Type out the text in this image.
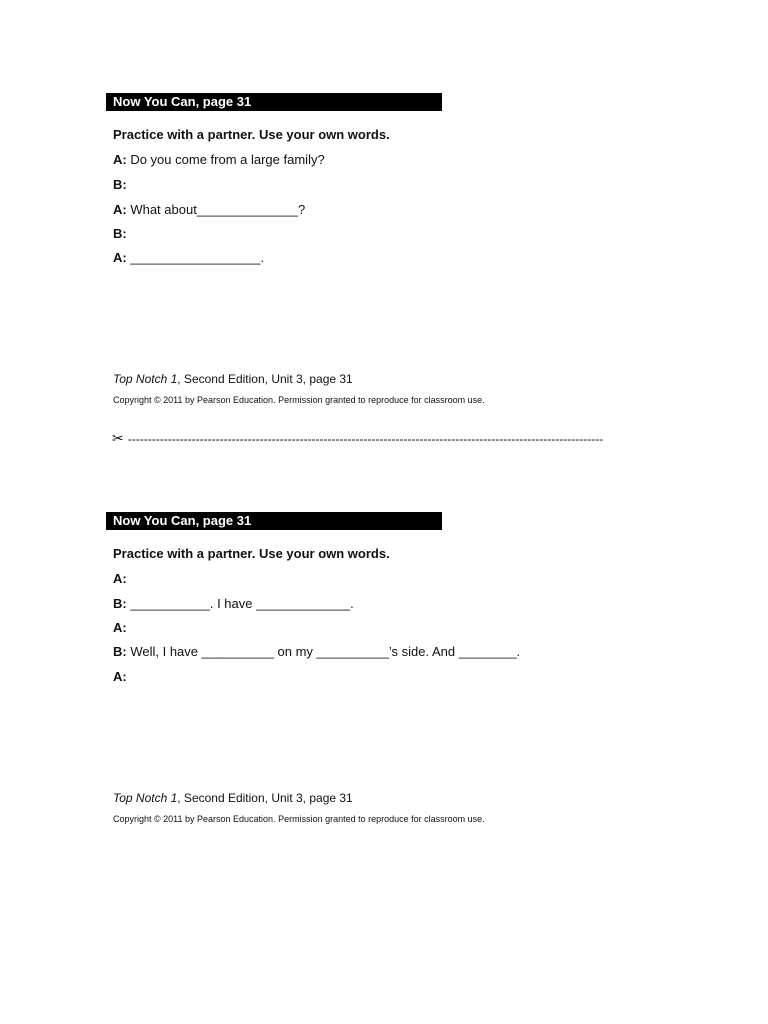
Now You Can, page 31
Practice with a partner. Use your own words.
A: Do you come from a large family?
B:
A: What about______________?
B:
A: __________________.
Top Notch 1, Second Edition, Unit 3, page 31
Copyright © 2011 by Pearson Education. Permission granted to reproduce for classroom use.
✂ -----------------------------------------------------------------------------------------------------------------------
Now You Can, page 31
Practice with a partner. Use your own words.
A:
B: ___________. I have _____________.
A:
B: Well, I have __________ on my __________’s side. And ________.
A:
Top Notch 1, Second Edition, Unit 3, page 31
Copyright © 2011 by Pearson Education. Permission granted to reproduce for classroom use.
